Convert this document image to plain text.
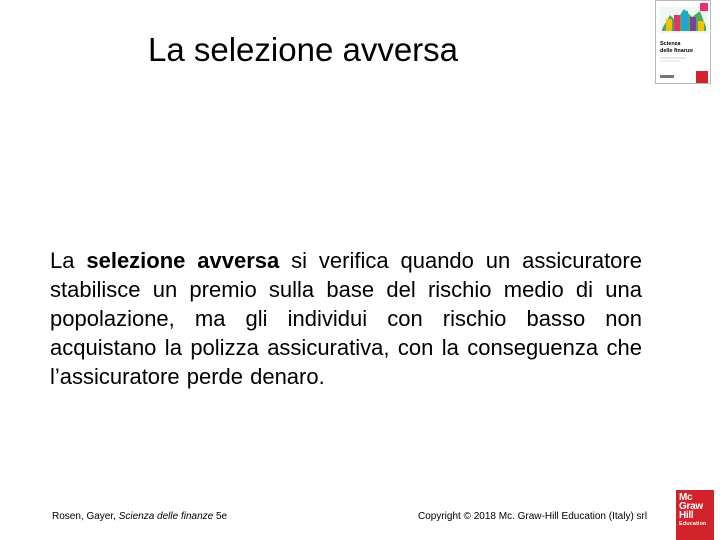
La selezione avversa	Scienza
delle finanze
La selezione avversa si verifica quando un assicuratore stabilisce un premio sulla base del rischio medio di una popolazione, ma gli individui con rischio basso non acquistano la polizza assicurativa, con la conseguenza che l’assicuratore perde denaro.
Rosen, Gayer, Scienza delle finanze 5e	Copyright © 2018 Mc. Graw-Hill Education (Italy) srl
Mc
Graw
Hill
Education
